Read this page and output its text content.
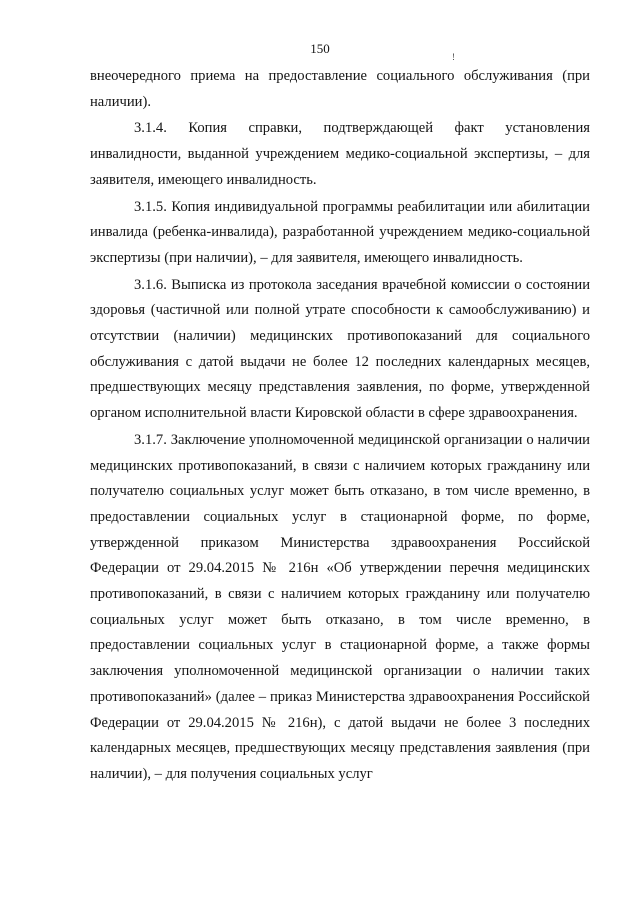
150
!

внеочередного приема на предоставление социального обслуживания (при наличии).

3.1.4. Копия справки, подтверждающей факт установления инвалидности, выданной учреждением медико-социальной экспертизы, – для заявителя, имеющего инвалидность.

3.1.5. Копия индивидуальной программы реабилитации или абилитации инвалида (ребенка-инвалида), разработанной учреждением медико-социальной экспертизы (при наличии), – для заявителя, имеющего инвалидность.

3.1.6. Выписка из протокола заседания врачебной комиссии о состоянии здоровья (частичной или полной утрате способности к самообслуживанию) и отсутствии (наличии) медицинских противопоказаний для социального обслуживания с датой выдачи не более 12 последних календарных месяцев, предшествующих месяцу представления заявления, по форме, утвержденной органом исполнительной власти Кировской области в сфере здравоохранения.

3.1.7. Заключение уполномоченной медицинской организации о наличии медицинских противопоказаний, в связи с наличием которых гражданину или получателю социальных услуг может быть отказано, в том числе временно, в предоставлении социальных услуг в стационарной форме, по форме, утвержденной приказом Министерства здравоохранения Российской Федерации от 29.04.2015 № 216н «Об утверждении перечня медицинских противопоказаний, в связи с наличием которых гражданину или получателю социальных услуг может быть отказано, в том числе временно, в предоставлении социальных услуг в стационарной форме, а также формы заключения уполномоченной медицинской организации о наличии таких противопоказаний» (далее – приказ Министерства здравоохранения Российской Федерации от 29.04.2015 № 216н), с датой выдачи не более 3 последних календарных месяцев, предшествующих месяцу представления заявления (при наличии), – для получения социальных услуг
